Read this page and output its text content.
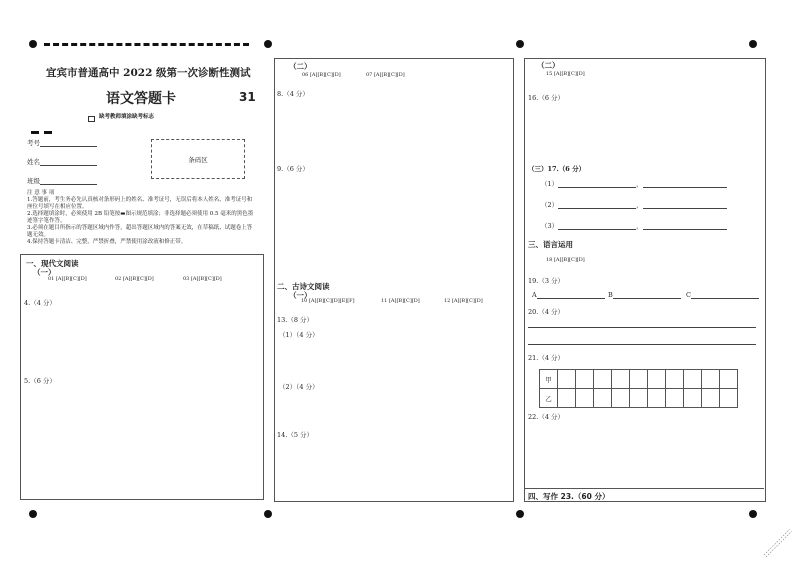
宜宾市普通高中 2022 级第一次诊断性测试
语文答题卡	31
缺考教师填涂缺考标志
考号
姓名
班级
条码区
注 意 事 项
1.答题前，考生务必先认真核对条形码上的姓名、准考证号，无误后将本人姓名、准考证号和座位号填写在相应位置。
2.选择题填涂时，必须使用 2B 铅笔按▬图示规范填涂；非选择题必须使用 0.5 毫米的黑色墨迹签字笔作答。
3.必须在题目所指示的答题区域内作答，超出答题区域内的答案无效，在草稿纸、试题卷上答题无效。
4.保持答题卡清洁、完整，严禁折叠，严禁使用涂改液和修正带。
一、现代文阅读
（一）
01 [A][B][C][D]	02 [A][B][C][D]	03 [A][B][C][D]
4.（4 分）
5.（6 分）
（二）
06 [A][B][C][D]	07 [A][B][C][D]
8.（4 分）
9.（6 分）
二、古诗文阅读
（一）
10 [A][B][C][D][E][F]	11 [A][B][C][D]	12 [A][B][C][D]
13.（8 分）
（1）（4 分）
（2）（4 分）
14.（5 分）
（二）
15 [A][B][C][D]
16.（6 分）
（三）17.（6 分）
（1）	，
（2）	，
（3）	，
三、语言运用
18 [A][B][C][D]
19.（3 分）
A	B	C
20.（4 分）
21.（4 分）
甲										
乙										
22.（4 分）
四、写作 23.（60 分）
